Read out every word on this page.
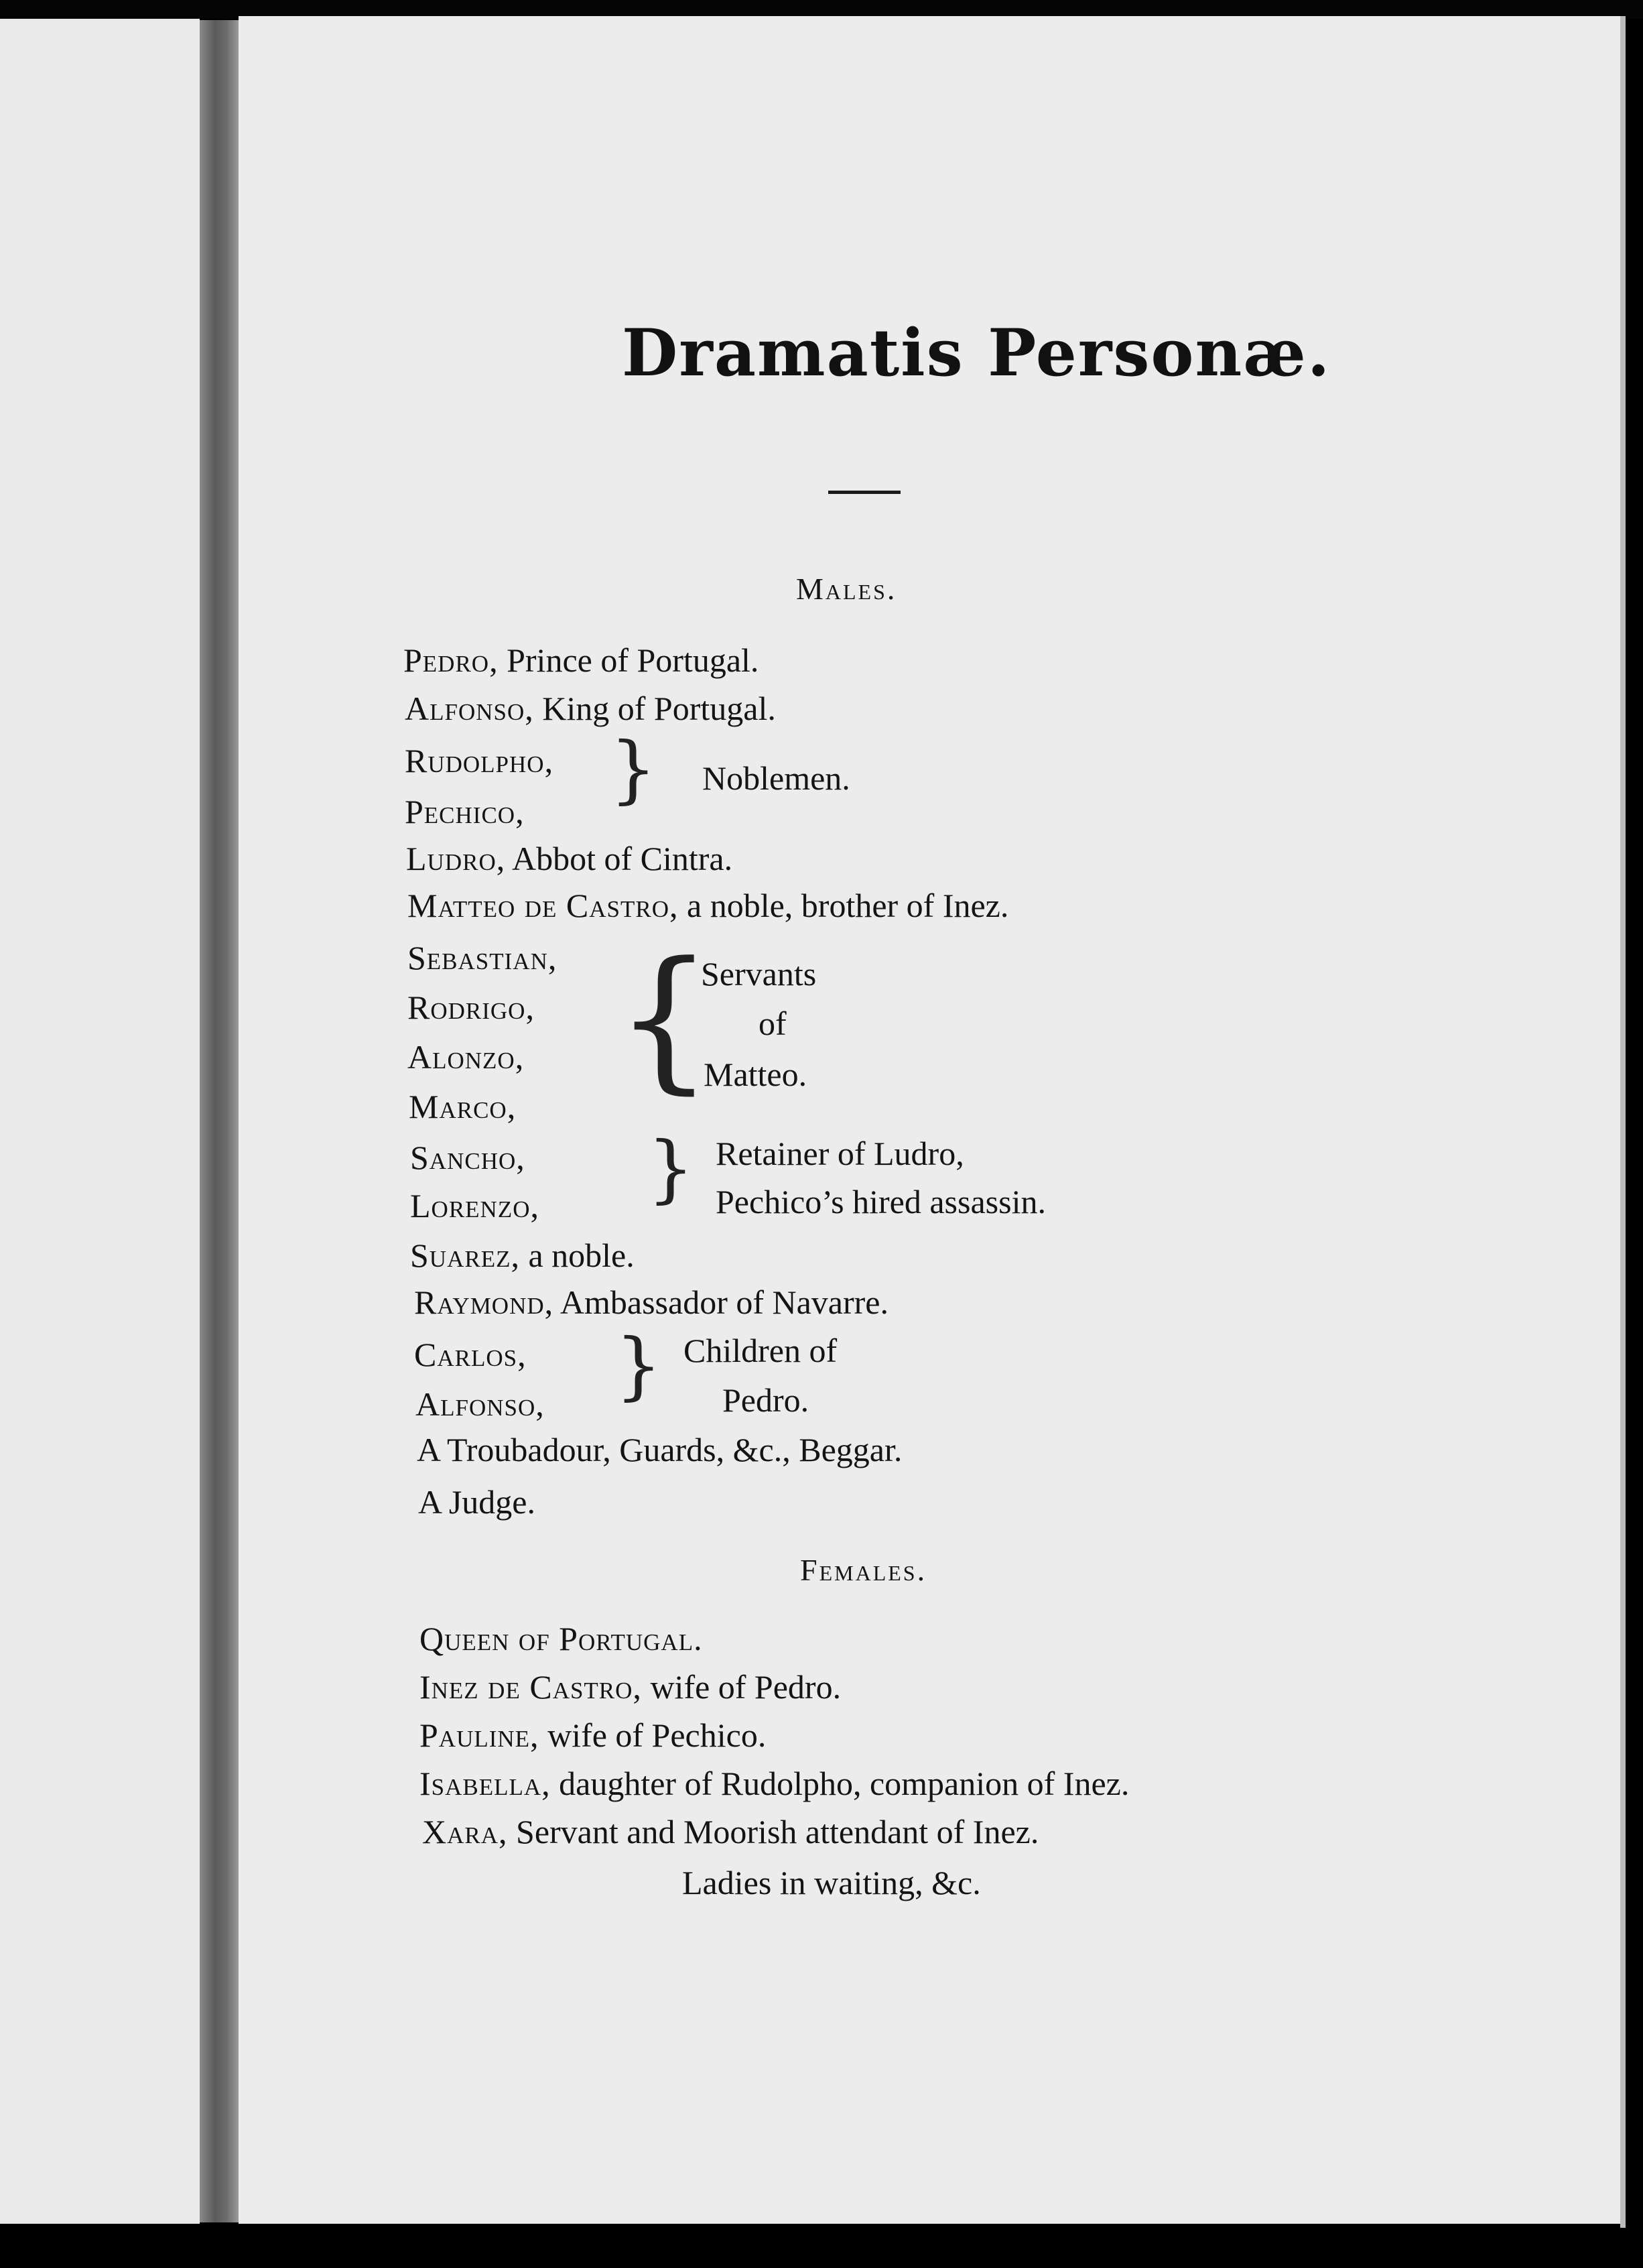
Dramatis Personæ.
Males.
Pedro, Prince of Portugal.
Alfonso, King of Portugal.
Rudolpho,
Pechico, } Noblemen.
Ludro, Abbot of Cintra.
Matteo de Castro, a noble, brother of Inez.
Sebastian,
Rodrigo,
Alonzo,
Marco, {
Servants
of
Matteo.
Sancho,
Lorenzo, } Retainer of Ludro,
Pechico’s hired assassin.
Suarez, a noble.
Raymond, Ambassador of Navarre.
Carlos,
Alfonso, } Children of
Pedro.
A Troubadour, Guards, &c., Beggar.
A Judge.
Females.
Queen of Portugal.
Inez de Castro, wife of Pedro.
Pauline, wife of Pechico.
Isabella, daughter of Rudolpho, companion of Inez.
Xara, Servant and Moorish attendant of Inez.
Ladies in waiting, &c.
